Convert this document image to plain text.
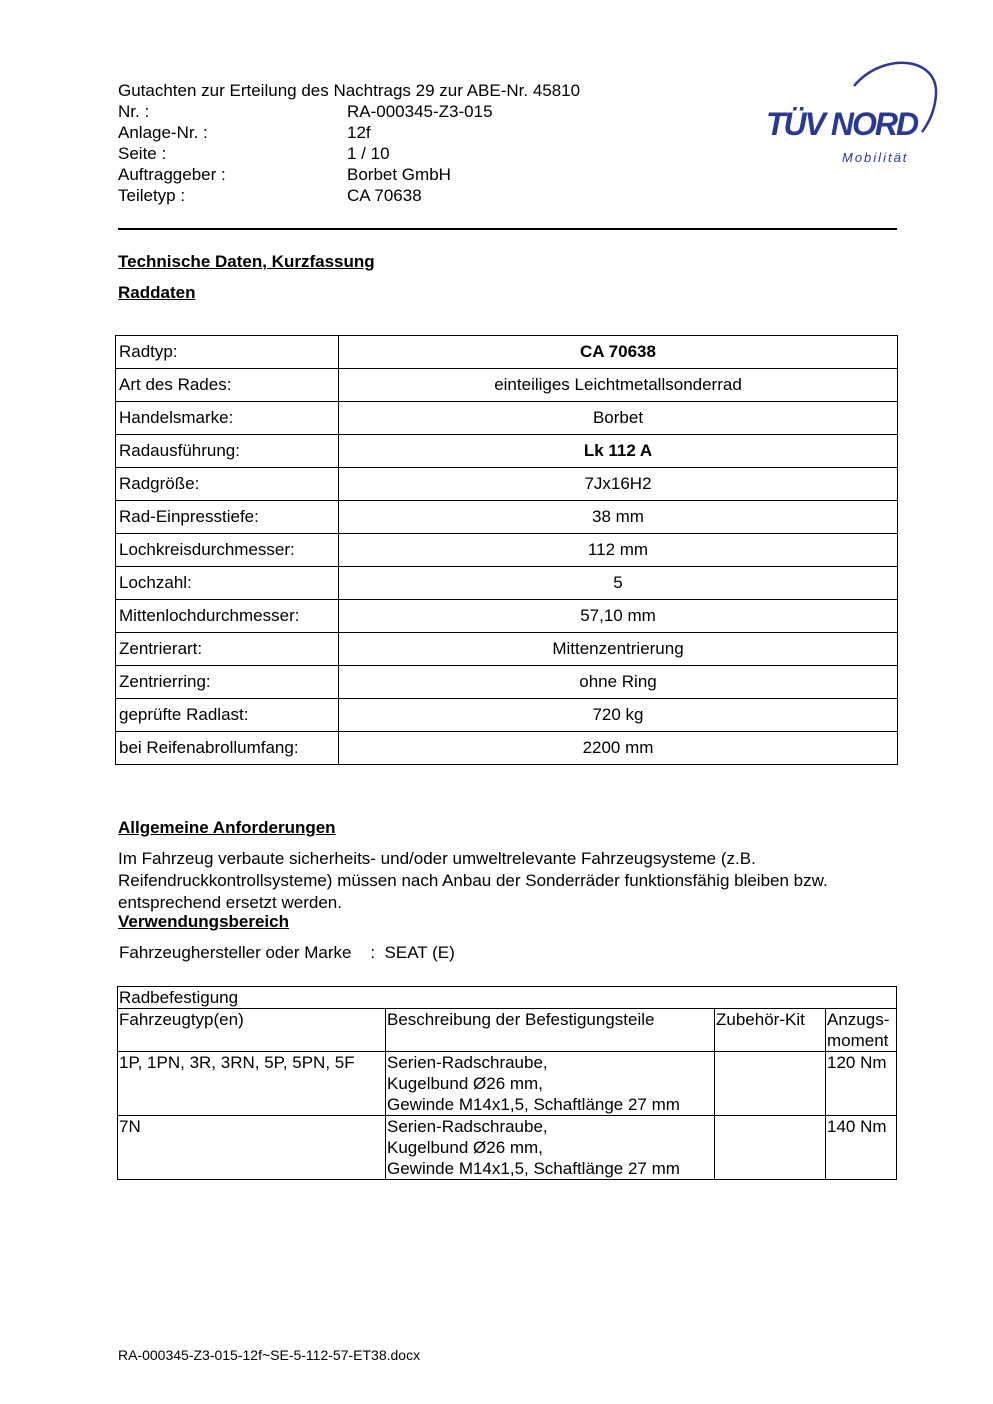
Gutachten zur Erteilung des Nachtrags 29 zur ABE-Nr. 45810
Nr. :	RA-000345-Z3-015
Anlage-Nr. :	12f
Seite :	1 / 10
Auftraggeber :	Borbet GmbH
Teiletyp :	CA 70638
TÜV NORD
Mobilität
Technische Daten, Kurzfassung
Raddaten
Radtyp:	CA 70638
Art des Rades:	einteiliges Leichtmetallsonderrad
Handelsmarke:	Borbet
Radausführung:	Lk 112 A
Radgröße:	7Jx16H2
Rad-Einpresstiefe:	38 mm
Lochkreisdurchmesser:	112 mm
Lochzahl:	5
Mittenlochdurchmesser:	57,10 mm
Zentrierart:	Mittenzentrierung
Zentrierring:	ohne Ring
geprüfte Radlast:	720 kg
bei Reifenabrollumfang:	2200 mm
Allgemeine Anforderungen
Im Fahrzeug verbaute sicherheits- und/oder umweltrelevante Fahrzeugsysteme (z.B.
Reifendruckkontrollsysteme) müssen nach Anbau der Sonderräder funktionsfähig bleiben bzw.
entsprechend ersetzt werden.
Verwendungsbereich
Fahrzeughersteller oder Marke : SEAT (E)
Radbefestigung			
Fahrzeugtyp(en)	Beschreibung der Befestigungsteile	Zubehör-Kit	Anzugs-
moment
1P, 1PN, 3R, 3RN, 5P, 5PN, 5F	Serien-Radschraube,
Kugelbund Ø26 mm,
Gewinde M14x1,5, Schaftlänge 27 mm		120 Nm
7N	Serien-Radschraube,
Kugelbund Ø26 mm,
Gewinde M14x1,5, Schaftlänge 27 mm		140 Nm
RA-000345-Z3-015-12f~SE-5-112-57-ET38.docx
